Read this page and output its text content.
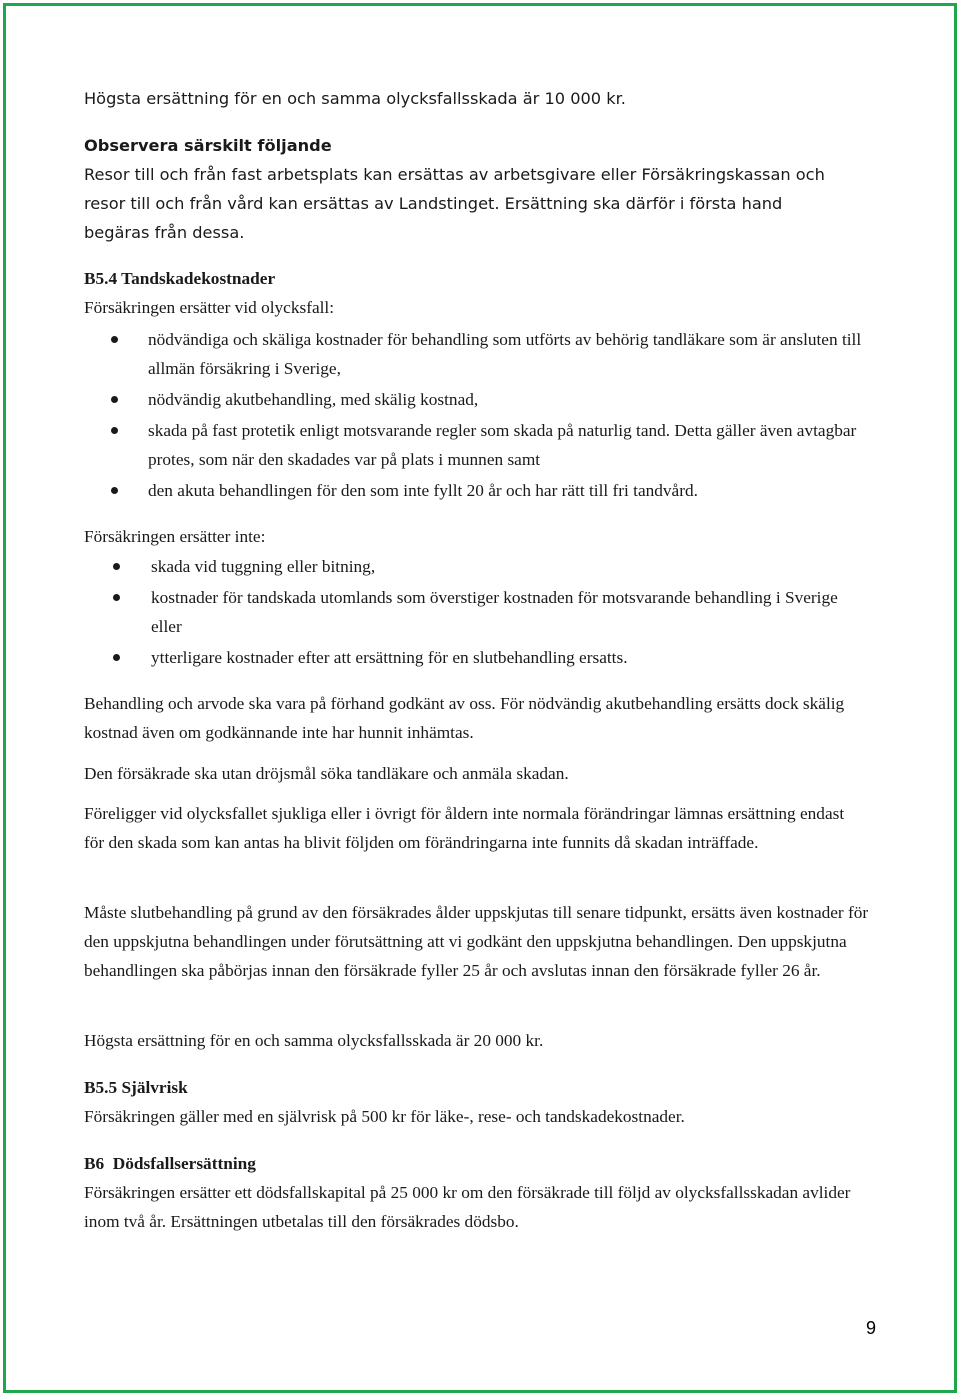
Högsta ersättning för en och samma olycksfallsskada är 10 000 kr.

Observera särskilt följande

Resor till och från fast arbetsplats kan ersättas av arbetsgivare eller Försäkringskassan och

resor till och från vård kan ersättas av Landstinget. Ersättning ska därför i första hand

begäras från dessa.

B5.4 Tandskadekostnader

Försäkringen ersätter vid olycksfall:

nödvändiga och skäliga kostnader för behandling som utförts av behörig tandläkare som är ansluten till allmän försäkring i Sverige,
nödvändig akutbehandling, med skälig kostnad,
skada på fast protetik enligt motsvarande regler som skada på naturlig tand. Detta gäller även avtagbar protes, som när den skadades var på plats i munnen samt
den akuta behandlingen för den som inte fyllt 20 år och har rätt till fri tandvård.

Försäkringen ersätter inte:

skada vid tuggning eller bitning,
kostnader för tandskada utomlands som överstiger kostnaden för motsvarande behandling i Sverige eller
ytterligare kostnader efter att ersättning för en slutbehandling ersatts.

Behandling och arvode ska vara på förhand godkänt av oss. För nödvändig akutbehandling ersätts dock skälig kostnad även om godkännande inte har hunnit inhämtas.

Den försäkrade ska utan dröjsmål söka tandläkare och anmäla skadan.

Föreligger vid olycksfallet sjukliga eller i övrigt för åldern inte normala förändringar lämnas ersättning endast för den skada som kan antas ha blivit följden om förändringarna inte funnits då skadan inträffade.

Måste slutbehandling på grund av den försäkrades ålder uppskjutas till senare tidpunkt, ersätts även kostnader för den uppskjutna behandlingen under förutsättning att vi godkänt den uppskjutna behandlingen. Den uppskjutna behandlingen ska påbörjas innan den försäkrade fyller 25 år och avslutas innan den försäkrade fyller 26 år.

Högsta ersättning för en och samma olycksfallsskada är 20 000 kr.

B5.5 Självrisk

Försäkringen gäller med en självrisk på 500 kr för läke-, rese- och tandskadekostnader.

B6  Dödsfallsersättning

Försäkringen ersätter ett dödsfallskapital på 25 000 kr om den försäkrade till följd av olycksfallsskadan avlider inom två år. Ersättningen utbetalas till den försäkrades dödsbo.

9
